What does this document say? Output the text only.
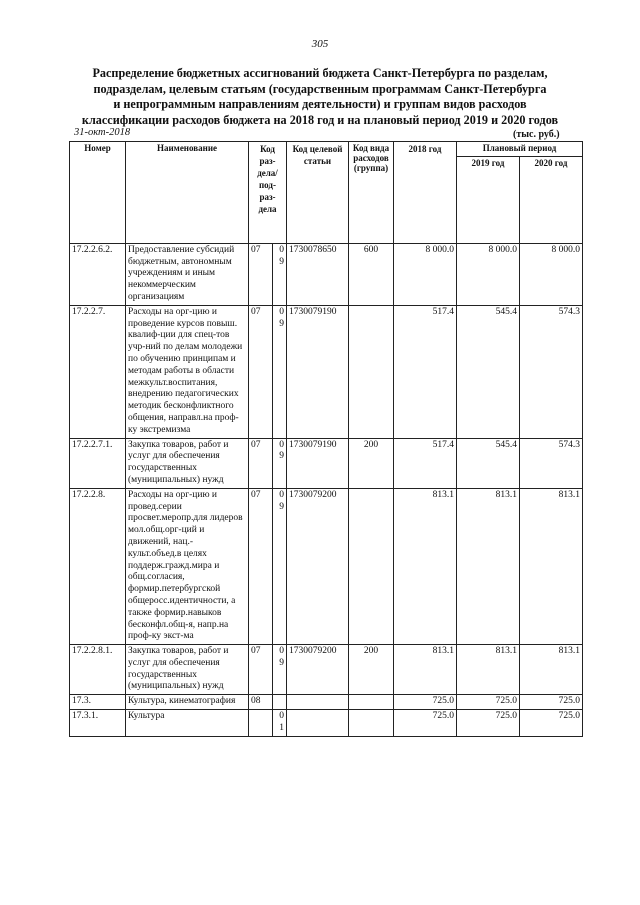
305
Распределение бюджетных ассигнований бюджета Санкт-Петербурга по разделам,
подразделам, целевым статьям (государственным программам Санкт-Петербурга
и непрограммным направлениям деятельности) и группам видов расходов
классификации расходов бюджета на 2018 год и на плановый период 2019 и 2020 годов
31-окт-2018	(тыс. руб.)
Номер	Наименование	Код раз-дела/под-раз-дела		Код целевой статьи	Код вида расходов (группа)	2018 год	Плановый период	
							2019 год	2020 год
17.2.2.6.2.	Предоставление субсидий бюджетным, автономным учреждениям и иным некоммерческим организациям	07	09	1730078650	600	8 000.0	8 000.0	8 000.0
17.2.2.7.	Расходы на орг-цию и проведение курсов повыш. квалиф-ции для спец-тов учр-ний по делам молодежи по обучению принципам и методам работы в области межкульт.воспитания, внедрению педагогических методик бесконфликтного общения, направл.на проф-ку экстремизма	07	09	1730079190		517.4	545.4	574.3
17.2.2.7.1.	Закупка товаров, работ и услуг для обеспечения государственных (муниципальных) нужд	07	09	1730079190	200	517.4	545.4	574.3
17.2.2.8.	Расходы на орг-цию и провед.серии просвет.меропр.для лидеров мол.общ.орг-ций и движений, нац.-культ.объед.в целях поддерж.гражд.мира и общ.согласия, формир.петербургской общеросс.идентичности, а также формир.навыков бесконфл.общ-я, напр.на проф-ку экст-ма	07	09	1730079200		813.1	813.1	813.1
17.2.2.8.1.	Закупка товаров, работ и услуг для обеспечения государственных (муниципальных) нужд	07	09	1730079200	200	813.1	813.1	813.1
17.3.	Культура, кинематография	08				725.0	725.0	725.0
17.3.1.	Культура		01			725.0	725.0	725.0
